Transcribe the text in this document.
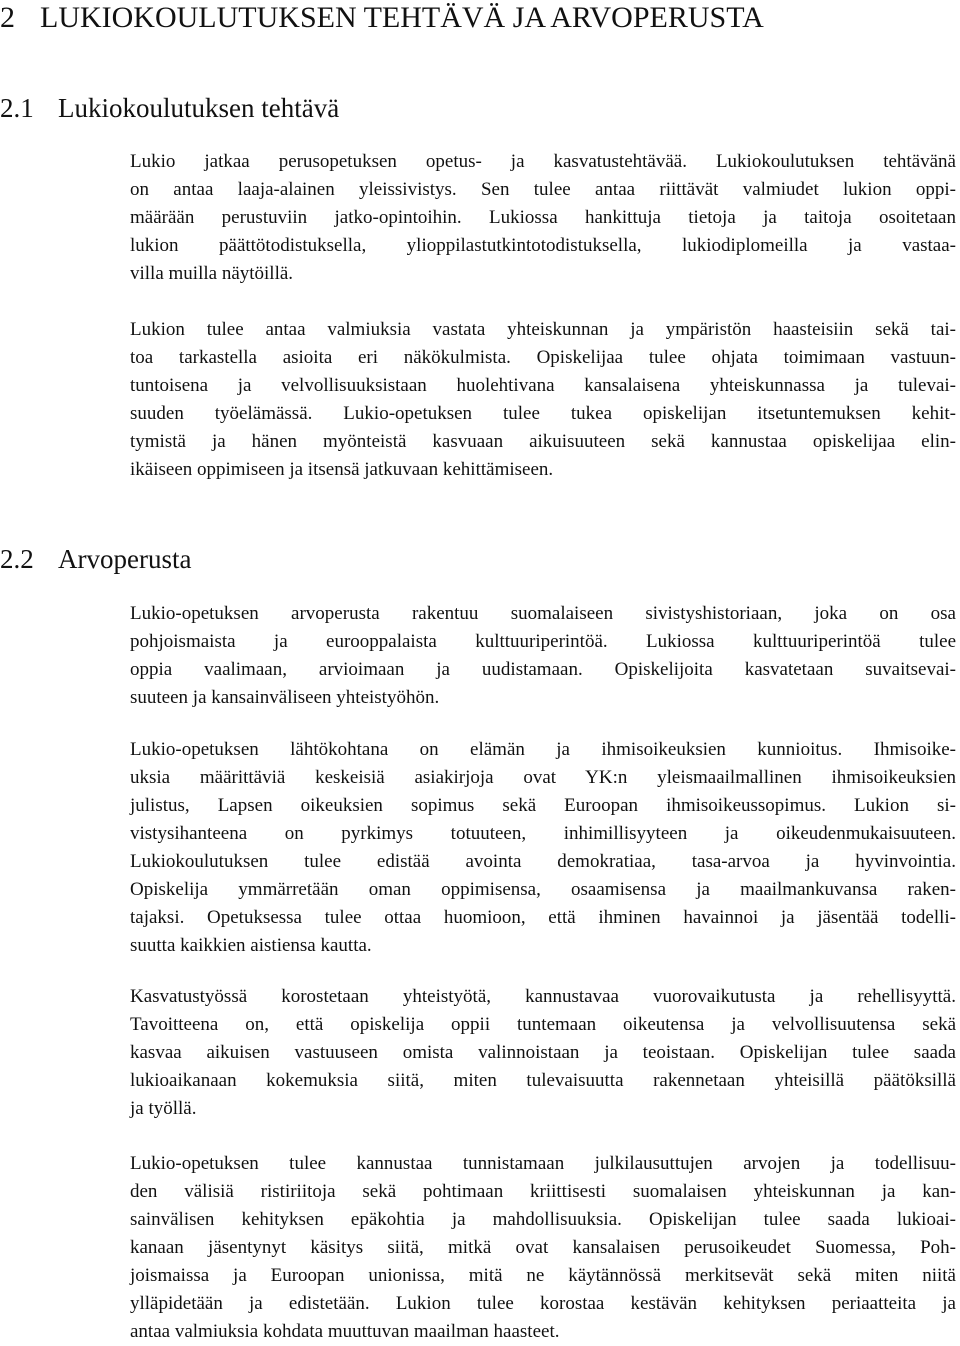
2 LUKIOKOULUTUKSEN TEHTÄVÄ JA ARVOPERUSTA
2.1 Lukiokoulutuksen tehtävä
Lukio jatkaa perusopetuksen opetus- ja kasvatustehtävää. Lukiokoulutuksen tehtävänä
on antaa laaja-alainen yleissivistys. Sen tulee antaa riittävät valmiudet lukion oppi-
määrään perustuviin jatko-opintoihin. Lukiossa hankittuja tietoja ja taitoja osoitetaan
lukion päättötodistuksella, ylioppilastutkintotodistuksella, lukiodiplomeilla ja vastaa-
villa muilla näytöillä.
Lukion tulee antaa valmiuksia vastata yhteiskunnan ja ympäristön haasteisiin sekä tai-
toa tarkastella asioita eri näkökulmista. Opiskelijaa tulee ohjata toimimaan vastuun-
tuntoisena ja velvollisuuksistaan huolehtivana kansalaisena yhteiskunnassa ja tulevai-
suuden työelämässä. Lukio-opetuksen tulee tukea opiskelijan itsetuntemuksen kehit-
tymistä ja hänen myönteistä kasvuaan aikuisuuteen sekä kannustaa opiskelijaa elin-
ikäiseen oppimiseen ja itsensä jatkuvaan kehittämiseen.
2.2 Arvoperusta
Lukio-opetuksen arvoperusta rakentuu suomalaiseen sivistyshistoriaan, joka on osa
pohjoismaista ja eurooppalaista kulttuuriperintöä. Lukiossa kulttuuriperintöä tulee
oppia vaalimaan, arvioimaan ja uudistamaan. Opiskelijoita kasvatetaan suvaitsevai-
suuteen ja kansainväliseen yhteistyöhön.
Lukio-opetuksen lähtökohtana on elämän ja ihmisoikeuksien kunnioitus. Ihmisoike-
uksia määrittäviä keskeisiä asiakirjoja ovat YK:n yleismaailmallinen ihmisoikeuksien
julistus, Lapsen oikeuksien sopimus sekä Euroopan ihmisoikeussopimus. Lukion si-
vistysihanteena on pyrkimys totuuteen, inhimillisyyteen ja oikeudenmukaisuuteen.
Lukiokoulutuksen tulee edistää avointa demokratiaa, tasa-arvoa ja hyvinvointia.
Opiskelija ymmärretään oman oppimisensa, osaamisensa ja maailmankuvansa raken-
tajaksi. Opetuksessa tulee ottaa huomioon, että ihminen havainnoi ja jäsentää todelli-
suutta kaikkien aistiensa kautta.
Kasvatustyössä korostetaan yhteistyötä, kannustavaa vuorovaikutusta ja rehellisyyttä.
Tavoitteena on, että opiskelija oppii tuntemaan oikeutensa ja velvollisuutensa sekä
kasvaa aikuisen vastuuseen omista valinnoistaan ja teoistaan. Opiskelijan tulee saada
lukioaikanaan kokemuksia siitä, miten tulevaisuutta rakennetaan yhteisillä päätöksillä
ja työllä.
Lukio-opetuksen tulee kannustaa tunnistamaan julkilausuttujen arvojen ja todellisuu-
den välisiä ristiriitoja sekä pohtimaan kriittisesti suomalaisen yhteiskunnan ja kan-
sainvälisen kehityksen epäkohtia ja mahdollisuuksia. Opiskelijan tulee saada lukioai-
kanaan jäsentynyt käsitys siitä, mitkä ovat kansalaisen perusoikeudet Suomessa, Poh-
joismaissa ja Euroopan unionissa, mitä ne käytännössä merkitsevät sekä miten niitä
ylläpidetään ja edistetään. Lukion tulee korostaa kestävän kehityksen periaatteita ja
antaa valmiuksia kohdata muuttuvan maailman haasteet.
